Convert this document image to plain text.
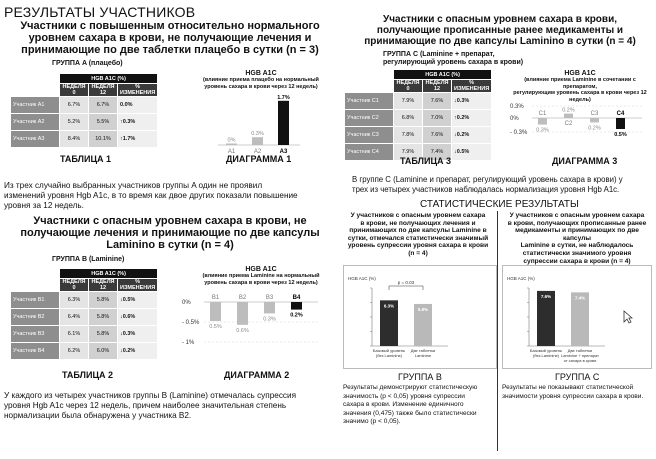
РЕЗУЛЬТАТЫ УЧАСТНИКОВ
Участники с повышенным относительно нормального
уровнем сахара в крови, не получающие лечения и
принимающие по две таблетки плацебо в сутки (n = 3)
ГРУППА A (плацебо)
	HGB A1C (%)		
	НЕДЕЛЯ 0	НЕДЕЛЯ 12	% ИЗМЕНЕНИЯ
Участник A1	6.7%	6.7%	0.0%
Участник A2	5.2%	5.5%	↑0.3%
Участник A3	8.4%	10.1%	↑1.7%
ТАБЛИЦА 1
HGB A1C
(влияние приема плацебо на нормальный
уровень сахара в крови через 12 недель)
0%
A1
0.3%
A2
1.7%
A3
ДИАГРАММА 1
Из трех случайно выбранных участников группы A один не проявил
изменений уровня Hgb A1c, в то время как двое других показали повышение
уровня за 12 недель.
Участники с опасным уровнем сахара в крови, не
получающие лечения и принимающие по две капсулы
Laminino в сутки (n = 4)
ГРУППА B (Laminine)
	HGB A1C (%)		
	НЕДЕЛЯ 0	НЕДЕЛЯ 12	% ИЗМЕНЕНИЯ
Участник B1	6.3%	5.8%	↓0.5%
Участник B2	6.4%	5.8%	↓0.6%
Участник B3	6.1%	5.8%	↓0.3%
Участник B4	6.2%	6.0%	↓0.2%
ТАБЛИЦА 2
HGB A1C
(влияние приема Laminine на нормальный
уровень сахара в крови через 12 недель)
0%
- 0.5%
- 1%
0.5%
B1
0.6%
B2
0.3%
B3
0.2%
B4
ДИАГРАММА 2
У каждого из четырех участников группы B (Laminine) отмечалась супрессия
уровня Hgb A1c через 12 недель, причем наиболее значительная степень
нормализации была обнаружена у участника B2.
Участники с опасным уровнем сахара в крови,
получающие прописанные ранее медикаменты и
принимающие по две капсулы Laminino в сутки (n = 4)
ГРУППА C (Laminine + препарат,
регулирующий уровень сахара в крови)
	HGB A1C (%)		
	НЕДЕЛЯ 0	НЕДЕЛЯ 12	% ИЗМЕНЕНИЯ
Участник C1	7.9%	7.6%	↓0.3%
Участник C2	6.8%	7.0%	↑0.2%
Участник C3	7.8%	7.6%	↓0.2%
Участник C4	7.9%	7.4%	↓0.5%
ТАБЛИЦА 3
HGB A1C
(влияние приема Laminine в сочетании с препаратом,
регулирующим уровень сахара в крови через 12 недель)
0.3%
0%
- 0.3% 0.3%
C1
0.2%
C2
0.2%
C3
0.5%
C4
ДИАГРАММА 3
В группе C (Laminine и препарат, регулирующий уровень сахара в крови) у
трех из четырех участников наблюдалась нормализация уровня Hgb A1c.
СТАТИСТИЧЕСКИЕ РЕЗУЛЬТАТЫ
У участников с опасным уровнем сахара
в крови, не получающих лечения и
принимающих по две капсулы Laminine в
сутки, отмечался статистически значимый
уровень супрессии уровня сахара в крови
(n = 4)
HGB A1C (%)
6.3%
Базовый уровень
(без Laminine)
5.8%
Две таблетки
Laminine
p = 0.03
ГРУППА B
Результаты демонстрируют статистическую
значимость (p < 0,05) уровня супрессии
сахара в крови. Изменение единичного
значения (0,475) также было статистически
значимо (p < 0,05).
У участников с опасным уровнем сахара
в крови, получающих прописанные ранее
медикаменты и принимающих по две капсулы
Laminine в сутки, не наблюдалось
статистически значимого уровня
супрессии сахара в крови (n = 4)
HGB A1C (%)
7.6%
Базовый уровень
(без Laminine)
7.4%
Две таблетки
Laminine + препарат
от сахара в крови
ГРУППА C
Результаты не показывают статистической
значимости уровня супрессии сахара в крови.
